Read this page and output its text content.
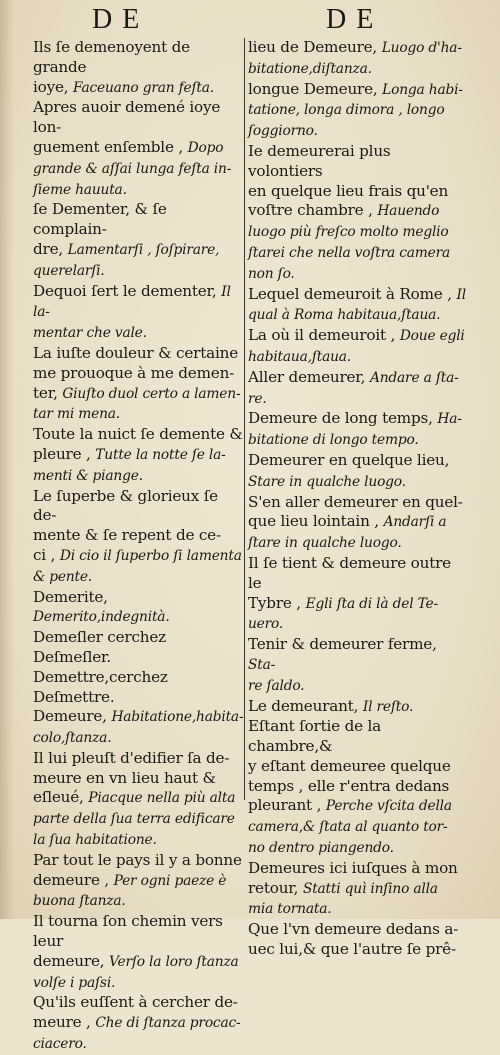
DE	DE

Ils ſe demenoyent de grande
ioye, Faceuano gran feſta.

Apres auoir demené ioye lon-
guement enſemble , Dopo
grande & aſſai lunga feſta in-
ſieme hauuta.

ſe Dementer, & ſe complain-
dre, Lamentarſi , ſoſpirare,
querelarſi.

Dequoi ſert le dementer, Il la-
mentar che vale.

La iuſte douleur & certaine
me prouoque à me demen-
ter, Giuſto duol certo a lamen-
tar mi mena.

Toute la nuict ſe demente &
pleure , Tutte la notte ſe la-
menti & piange.

Le ſuperbe & glorieux ſe de-
mente & ſe repent de ce-
ci , Di cio il ſuperbo ſi lamenta
& pente.

Demerite, Demerito,indegnità.

Demeſler cerchez Deſmeſler.

Demettre,cerchez Deſmettre.

Demeure, Habitatione,habita-
colo,ſtanza.

Il lui pleuſt d'edifier ſa de-
meure en vn lieu haut &
eſleué, Piacque nella più alta
parte della ſua terra edificare
la ſua habitatione.

Par tout le pays il y a bonne
demeure , Per ogni paeze è
buona ſtanza.

Il tourna ſon chemin vers leur
demeure, Verſo la loro ſtanza
volſe i paſsi.

Qu'ils euſſent à cercher de-
meure , Che di ſtanza procac-
ciacero.

lieu de Demeure, Luogo d'ha-
bitatione,diſtanza.

longue Demeure, Longa habi-
tatione, longa dimora , longo
ſoggiorno.

Ie demeurerai plus volontiers
en quelque lieu frais qu'en
voſtre chambre , Hauendo
luogo più freſco molto meglio
ſtarei che nella voſtra camera
non ſo.

Lequel demeuroit à Rome , Il
qual à Roma habitaua,ſtaua.

La où il demeuroit , Doue egli
habitaua,ſtaua.

Aller demeurer, Andare a ſta-
re.

Demeure de long temps, Ha-
bitatione di longo tempo.

Demeurer en quelque lieu,
Stare in qualche luogo.

S'en aller demeurer en quel-
que lieu lointain , Andarſi a
ſtare in qualche luogo.

Il ſe tient & demeure outre le
Tybre , Egli ſta di là del Te-
uero.

Tenir & demeurer ferme, Sta-
re ſaldo.

Le demeurant, Il reſto.

Eſtant ſortie de la chambre,&
y eſtant demeuree quelque
temps , elle r'entra dedans
pleurant , Perche vſcita della
camera,& ſtata al quanto tor-
no dentro piangendo.

Demeures ici iuſques à mon
retour, Statti quì inſino alla
mia tornata.

Que l'vn demeure dedans a-
uec lui,& que l'autre ſe prê-
